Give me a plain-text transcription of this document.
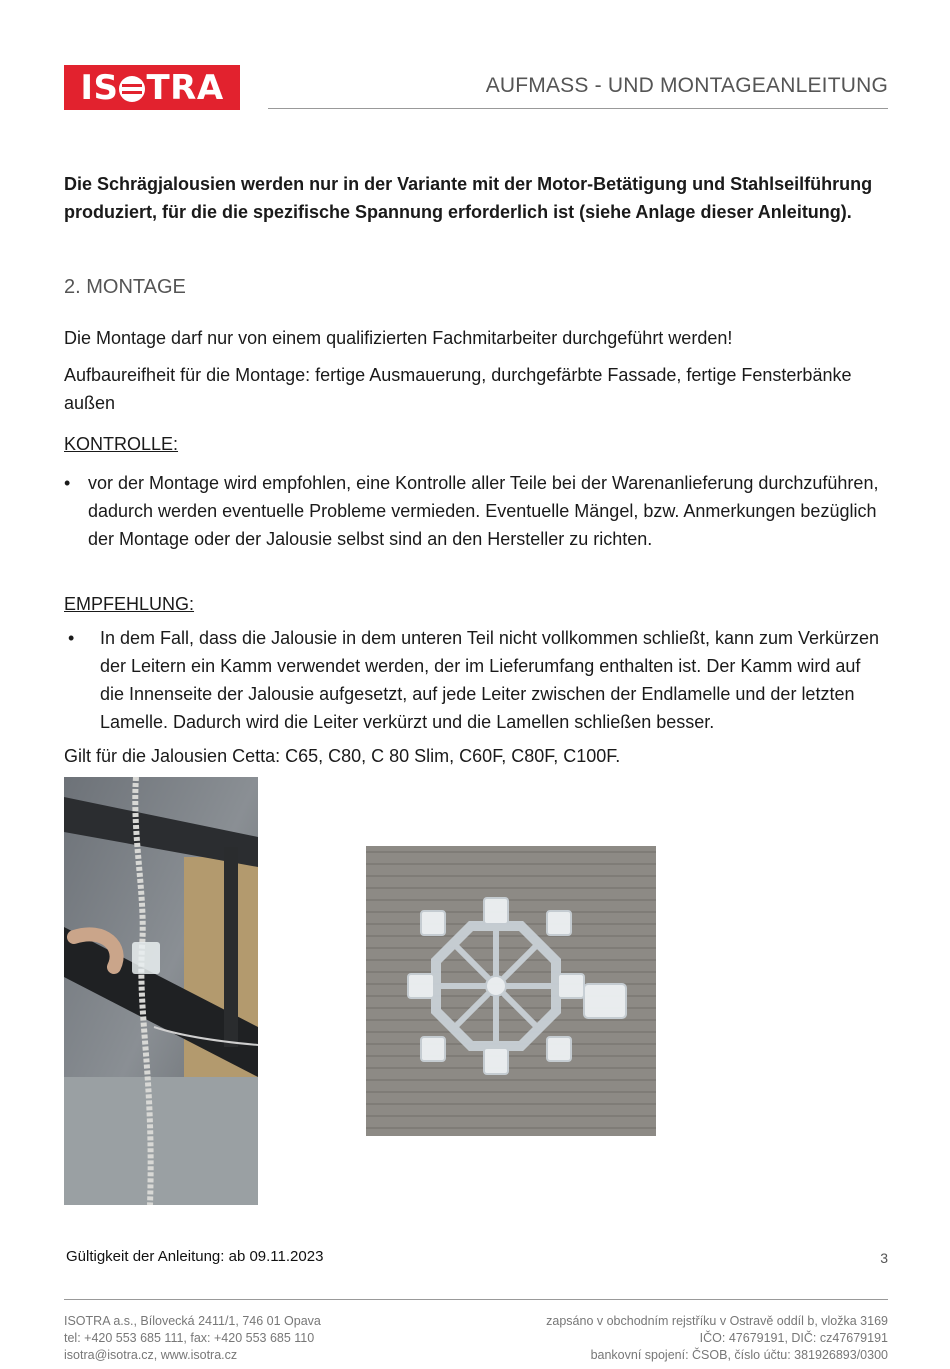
IS TRA	AUFMASS - UND MONTAGEANLEITUNG
Die Schrägjalousien werden nur in der Variante mit der Motor-Betätigung und Stahlseilführung produziert, für die die spezifische Spannung erforderlich ist (siehe Anlage dieser Anleitung).
2. MONTAGE
Die Montage darf nur von einem qualifizierten Fachmitarbeiter durchgeführt werden!
Aufbaureifheit für die Montage: fertige Ausmauerung, durchgefärbte Fassade, fertige Fensterbänke außen
KONTROLLE:
• vor der Montage wird empfohlen, eine Kontrolle aller Teile bei der Warenanlieferung durchzuführen, dadurch werden eventuelle Probleme vermieden. Eventuelle Mängel, bzw. Anmerkungen bezüglich der Montage oder der Jalousie selbst sind an den Hersteller zu richten.
EMPFEHLUNG:
• In dem Fall, dass die Jalousie in dem unteren Teil nicht vollkommen schließt, kann zum Verkürzen der Leitern ein Kamm verwendet werden, der im Lieferumfang enthalten ist. Der Kamm wird auf die Innenseite der Jalousie aufgesetzt, auf jede Leiter zwischen der Endlamelle und der letzten Lamelle. Dadurch wird die Leiter verkürzt und die Lamellen schließen besser.
Gilt für die Jalousien Cetta: C65, C80, C 80 Slim, C60F, C80F, C100F.
Gültigkeit der Anleitung: ab 09.11.2023	3
ISOTRA a.s., Bílovecká 2411/1, 746 01 Opava
tel: +420 553 685 111, fax: +420 553 685 110
isotra@isotra.cz, www.isotra.cz
zapsáno v obchodním rejstříku v Ostravě oddíl b, vložka 3169
IČO: 47679191, DIČ: cz47679191
bankovní spojení: ČSOB, číslo účtu: 381926893/0300
